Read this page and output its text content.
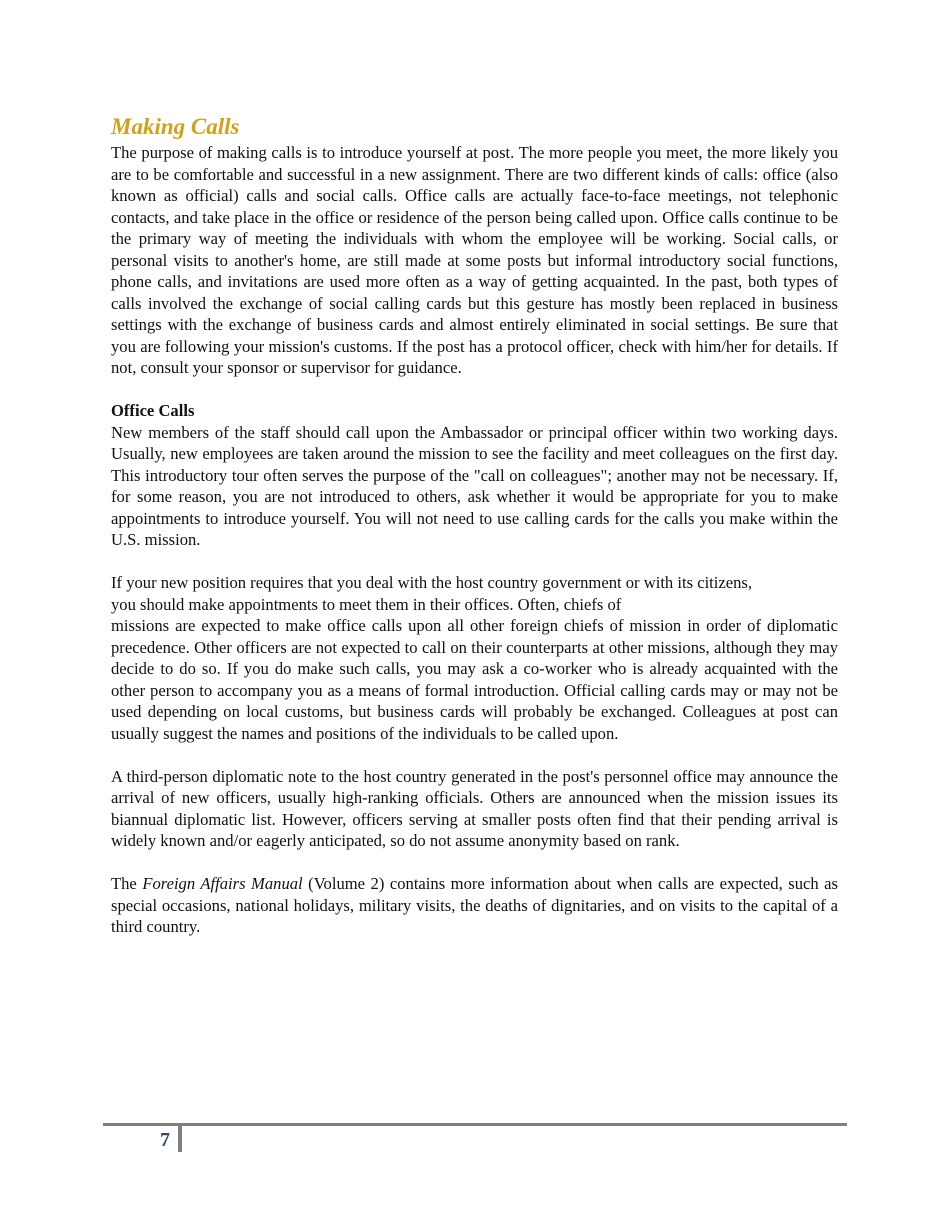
Making Calls

The purpose of making calls is to introduce yourself at post. The more people you meet, the more likely you are to be comfortable and successful in a new assignment. There are two different kinds of calls: office (also known as official) calls and social calls. Office calls are actually face-to-face meetings, not telephonic contacts, and take place in the office or residence of the person being called upon. Office calls continue to be the primary way of meeting the individuals with whom the employee will be working. Social calls, or personal visits to another's home, are still made at some posts but informal introductory social functions, phone calls, and invitations are used more often as a way of getting acquainted. In the past, both types of calls involved the exchange of social calling cards but this gesture has mostly been replaced in business settings with the exchange of business cards and almost entirely eliminated in social settings. Be sure that you are following your mission's customs. If the post has a protocol officer, check with him/her for details. If not, consult your sponsor or supervisor for guidance.

Office Calls

New members of the staff should call upon the Ambassador or principal officer within two working days. Usually, new employees are taken around the mission to see the facility and meet colleagues on the first day. This introductory tour often serves the purpose of the "call on colleagues"; another may not be necessary. If, for some reason, you are not introduced to others, ask whether it would be appropriate for you to make appointments to introduce yourself. You will not need to use calling cards for the calls you make within the U.S. mission.

If your new position requires that you deal with the host country government or with its citizens,

you should make appointments to meet them in their offices. Often, chiefs of

missions are expected to make office calls upon all other foreign chiefs of mission in order of diplomatic precedence. Other officers are not expected to call on their counterparts at other missions, although they may decide to do so. If you do make such calls, you may ask a co-worker who is already acquainted with the other person to accompany you as a means of formal introduction. Official calling cards may or may not be used depending on local customs, but business cards will probably be exchanged. Colleagues at post can usually suggest the names and positions of the individuals to be called upon.

A third-person diplomatic note to the host country generated in the post's personnel office may announce the arrival of new officers, usually high-ranking officials. Others are announced when the mission issues its biannual diplomatic list. However, officers serving at smaller posts often find that their pending arrival is widely known and/or eagerly anticipated, so do not assume anonymity based on rank.

The Foreign Affairs Manual (Volume 2) contains more information about when calls are expected, such as special occasions, national holidays, military visits, the deaths of dignitaries, and on visits to the capital of a third country.

7
